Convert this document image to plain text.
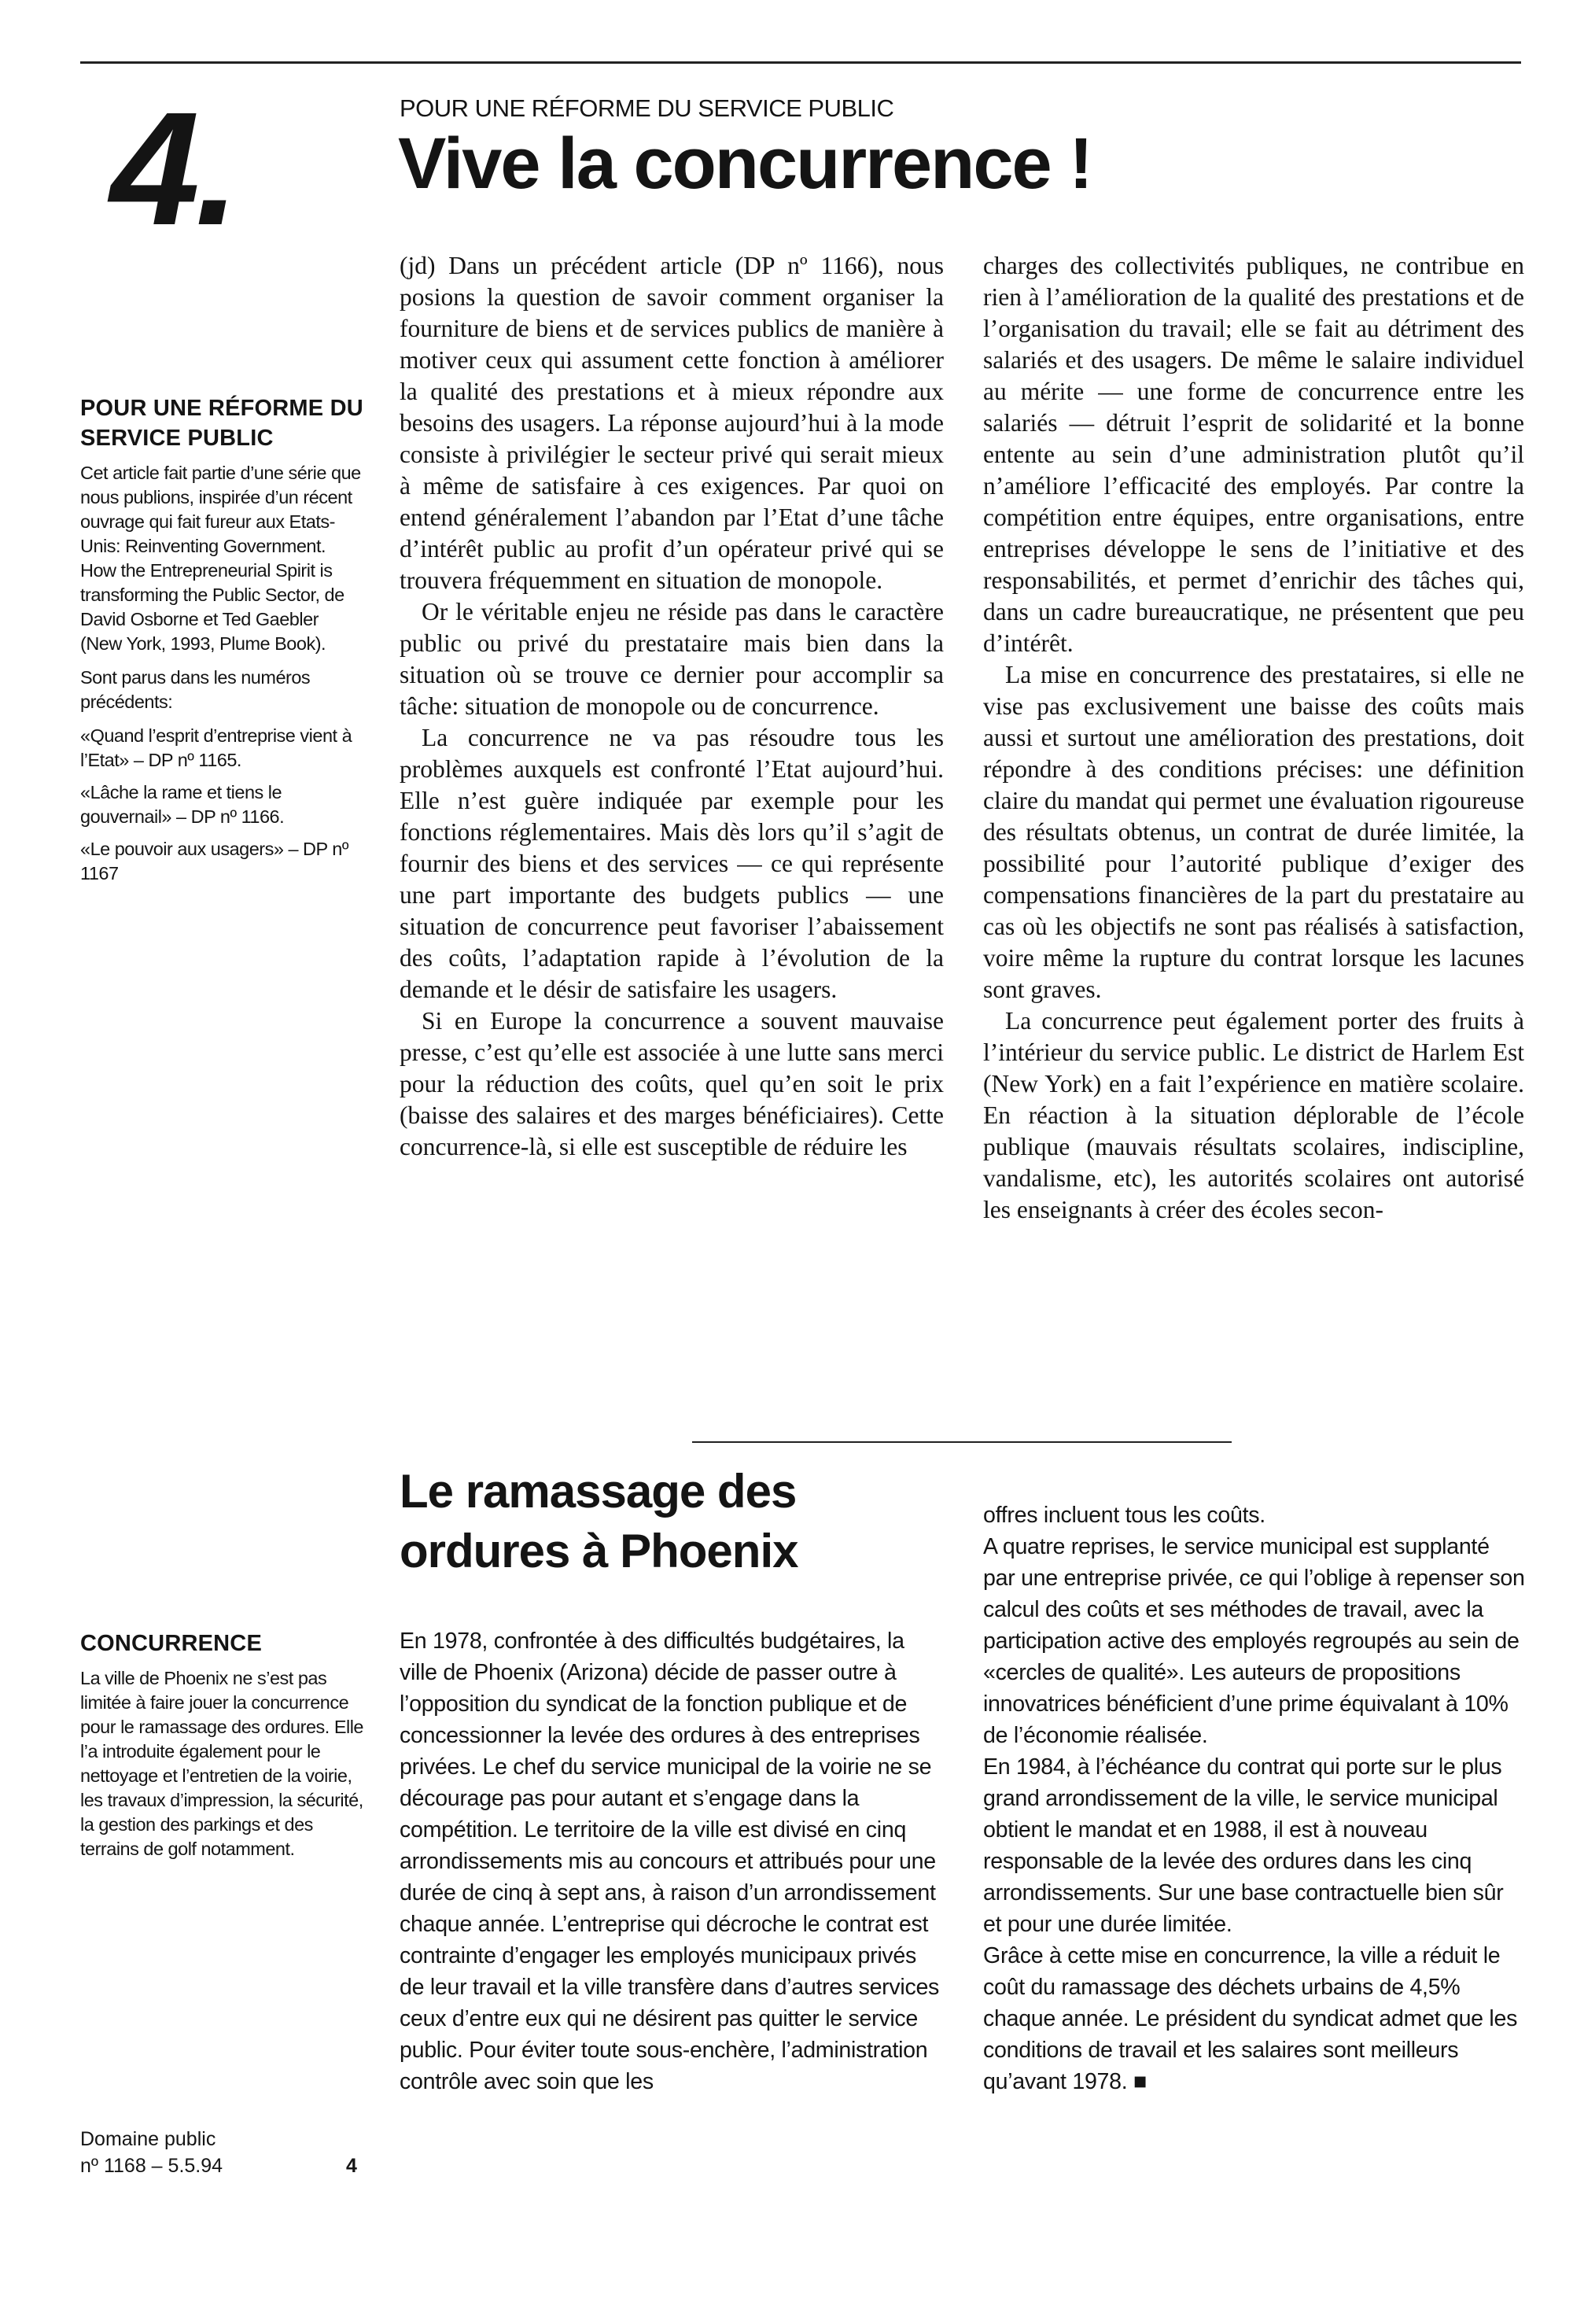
4.	POUR UNE RÉFORME DU SERVICE PUBLIC
Vive la concurrence !
POUR UNE RÉFORME DU SERVICE PUBLIC

Cet article fait partie d’une série que nous publions, inspirée d’un récent ouvrage qui fait fureur aux Etats-Unis: Reinventing Government. How the Entrepreneurial Spirit is transforming the Public Sector, de David Osborne et Ted Gaebler (New York, 1993, Plume Book).

Sont parus dans les numéros précédents:

«Quand l’esprit d’entreprise vient à l’Etat» – DP nº 1165.

«Lâche la rame et tiens le gouvernail» – DP nº 1166.

«Le pouvoir aux usagers» – DP nº 1167

(jd) Dans un précédent article (DP nº 1166), nous posions la question de savoir comment organiser la fourniture de biens et de services publics de manière à motiver ceux qui assument cette fonction à améliorer la qualité des prestations et à mieux répondre aux besoins des usagers. La réponse aujourd’hui à la mode consiste à privilégier le secteur privé qui serait mieux à même de satisfaire à ces exigences. Par quoi on entend généralement l’abandon par l’Etat d’une tâche d’intérêt public au profit d’un opérateur privé qui se trouvera fréquemment en situation de monopole.

Or le véritable enjeu ne réside pas dans le caractère public ou privé du prestataire mais bien dans la situation où se trouve ce dernier pour accomplir sa tâche: situation de monopole ou de concurrence.

La concurrence ne va pas résoudre tous les problèmes auxquels est confronté l’Etat aujourd’hui. Elle n’est guère indiquée par exemple pour les fonctions réglementaires. Mais dès lors qu’il s’agit de fournir des biens et des services — ce qui représente une part importante des budgets publics — une situation de concurrence peut favoriser l’abaissement des coûts, l’adaptation rapide à l’évolution de la demande et le désir de satisfaire les usagers.

Si en Europe la concurrence a souvent mauvaise presse, c’est qu’elle est associée à une lutte sans merci pour la réduction des coûts, quel qu’en soit le prix (baisse des salaires et des marges bénéficiaires). Cette concurrence-là, si elle est susceptible de réduire les

charges des collectivités publiques, ne contribue en rien à l’amélioration de la qualité des prestations et de l’organisation du travail; elle se fait au détriment des salariés et des usagers. De même le salaire individuel au mérite — une forme de concurrence entre les salariés — détruit l’esprit de solidarité et la bonne entente au sein d’une administration plutôt qu’il n’améliore l’efficacité des employés. Par contre la compétition entre équipes, entre organisations, entre entreprises développe le sens de l’initiative et des responsabilités, et permet d’enrichir des tâches qui, dans un cadre bureaucratique, ne présentent que peu d’intérêt.

La mise en concurrence des prestataires, si elle ne vise pas exclusivement une baisse des coûts mais aussi et surtout une amélioration des prestations, doit répondre à des conditions précises: une définition claire du mandat qui permet une évaluation rigoureuse des résultats obtenus, un contrat de durée limitée, la possibilité pour l’autorité publique d’exiger des compensations financières de la part du prestataire au cas où les objectifs ne sont pas réalisés à satisfaction, voire même la rupture du contrat lorsque les lacunes sont graves.

La concurrence peut également porter des fruits à l’intérieur du service public. Le district de Harlem Est (New York) en a fait l’expérience en matière scolaire. En réaction à la situation déplorable de l’école publique (mauvais résultats scolaires, indiscipline, vandalisme, etc), les autorités scolaires ont autorisé les enseignants à créer des écoles secon-

Le ramassage des ordures à Phoenix
CONCURRENCE

La ville de Phoenix ne s’est pas limitée à faire jouer la concurrence pour le ramassage des ordures. Elle l’a introduite également pour le nettoyage et l’entretien de la voirie, les travaux d’impression, la sécurité, la gestion des parkings et des terrains de golf notamment.

En 1978, confrontée à des difficultés budgétaires, la ville de Phoenix (Arizona) décide de passer outre à l’opposition du syndicat de la fonction publique et de concessionner la levée des ordures à des entreprises privées. Le chef du service municipal de la voirie ne se décourage pas pour autant et s’engage dans la compétition. Le territoire de la ville est divisé en cinq arrondissements mis au concours et attribués pour une durée de cinq à sept ans, à raison d’un arrondissement chaque année. L’entreprise qui décroche le contrat est contrainte d’engager les employés municipaux privés de leur travail et la ville transfère dans d’autres services ceux d’entre eux qui ne désirent pas quitter le service public. Pour éviter toute sous-enchère, l’administration contrôle avec soin que les

offres incluent tous les coûts.

A quatre reprises, le service municipal est supplanté par une entreprise privée, ce qui l’oblige à repenser son calcul des coûts et ses méthodes de travail, avec la participation active des employés regroupés au sein de «cercles de qualité». Les auteurs de propositions innovatrices bénéficient d’une prime équivalant à 10% de l’économie réalisée.

En 1984, à l’échéance du contrat qui porte sur le plus grand arrondissement de la ville, le service municipal obtient le mandat et en 1988, il est à nouveau responsable de la levée des ordures dans les cinq arrondissements. Sur une base contractuelle bien sûr et pour une durée limitée.

Grâce à cette mise en concurrence, la ville a réduit le coût du ramassage des déchets urbains de 4,5% chaque année. Le président du syndicat admet que les conditions de travail et les salaires sont meilleurs qu’avant 1978. ■

Domaine public
nº 1168 – 5.5.94	4
